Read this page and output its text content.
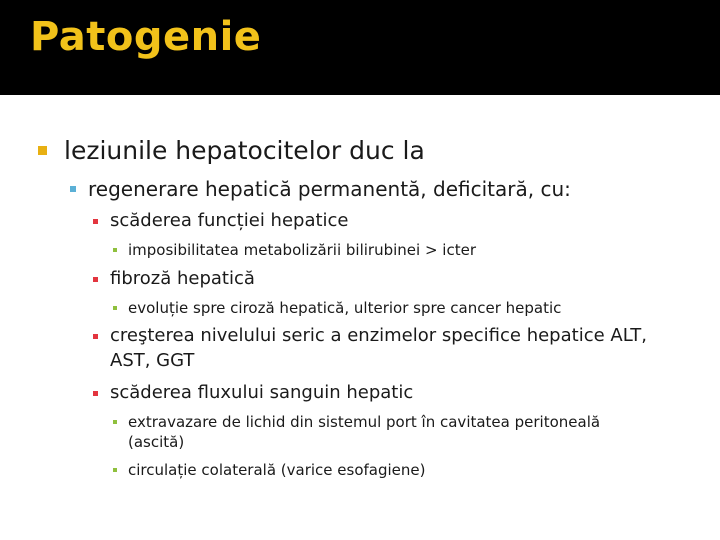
Patogenie
leziunile hepatocitelor duc la
regenerare hepatică permanentă, deficitară, cu:
scăderea funcției hepatice
imposibilitatea metabolizării bilirubinei > icter
fibroză hepatică
evoluție spre ciroză hepatică, ulterior spre cancer hepatic
creşterea nivelului seric a enzimelor specifice hepatice ALT,
AST, GGT
scăderea fluxului sanguin hepatic
extravazare de lichid din sistemul port în cavitatea peritoneală
(ascită)
circulație colaterală (varice esofagiene)
